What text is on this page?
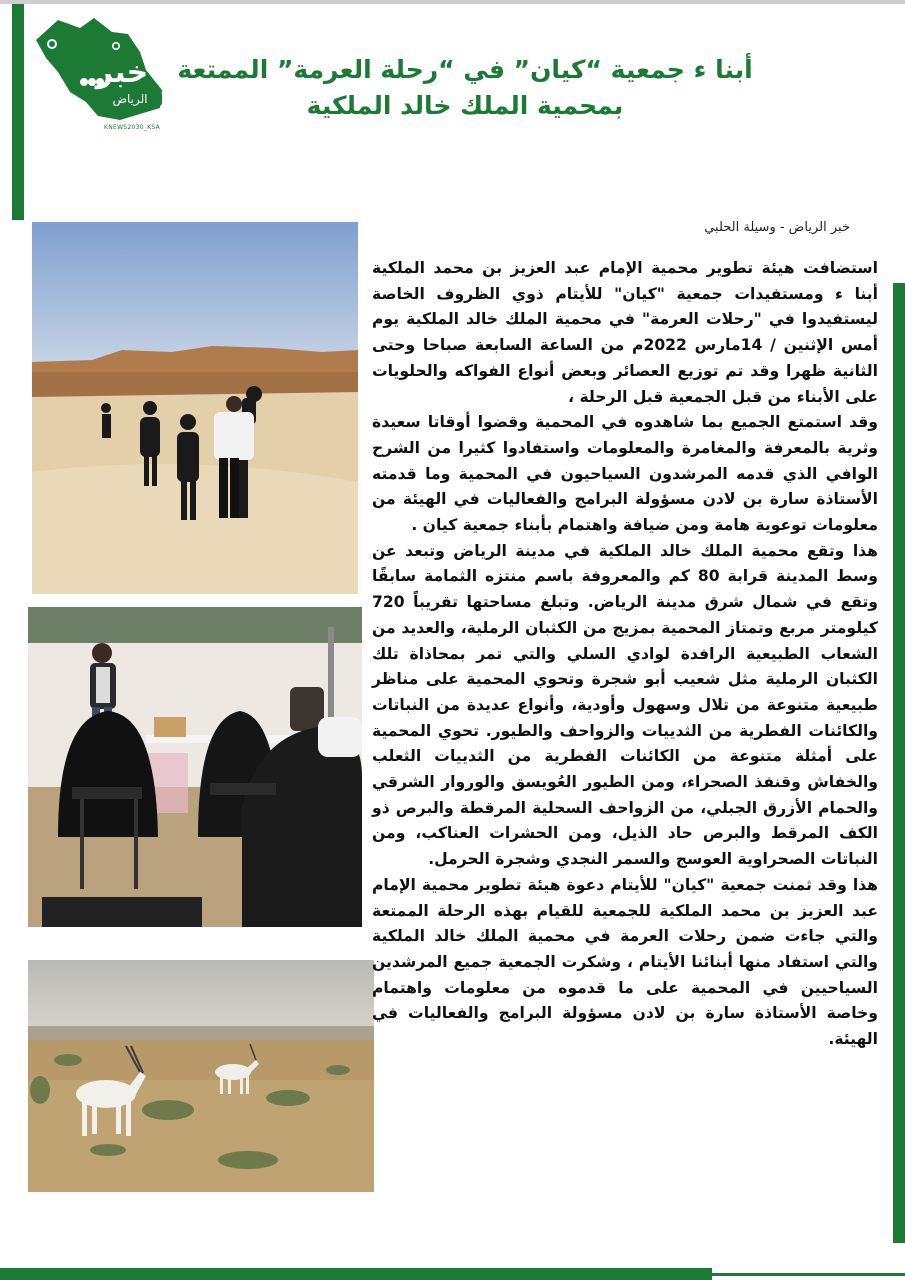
خبر
الرياض
KNEWS2030_KSA
أبنا ء جمعية “كيان” في “رحلة العرمة” الممتعة
بمحمية الملك خالد الملكية
خبر الرياض - وسيلة الحلبي

استضافت هيئة تطوير محمية الإمام عبد العزيز بن محمد الملكية أبنا ء ومستفيدات جمعية "كيان" للأيتام ذوي الظروف الخاصة ليستفيدوا في "رحلات العرمة" في محمية الملك خالد الملكية يوم أمس الإثنين / 14مارس 2022م من الساعة السابعة صباحا وحتى الثانية ظهرا وقد تم توزيع العصائر وبعض أنواع الفواكه والحلويات على الأبناء من قبل الجمعية قبل الرحلة ،

وقد استمتع الجميع بما شاهدوه في المحمية وقضوا أوقاتا سعيدة وثرية بالمعرفة والمغامرة والمعلومات واستفادوا كثيرا من الشرح الوافي الذي قدمه المرشدون السياحيون في المحمية وما قدمته الأستاذة سارة بن لادن مسؤولة البرامج والفعاليات في الهيئة من معلومات توعوية هامة ومن ضيافة واهتمام بأبناء جمعية كيان .

هذا وتقع محمية الملك خالد الملكية في مدينة الرياض وتبعد عن وسط المدينة قرابة 80 كم والمعروفة باسم منتزه الثمامة سابقًا وتقع في شمال شرق مدينة الرياض. وتبلغ مساحتها تقريباً 720 كيلومتر مربع وتمتاز المحمية بمزيج من الكثبان الرملية، والعديد من الشعاب الطبيعية الرافدة لوادي السلي والتي تمر بمحاذاة تلك الكثبان الرملية مثل شعيب أبو شجرة وتحوي المحمية على مناظر طبيعية متنوعة من تلال وسهول وأودية، وأنواع عديدة من النباتات والكائنات الفطرية من الثدييات والزواحف والطيور. تحوي المحمية على أمثلة متنوعة من الكائنات الفطرية من الثدييات الثعلب والخفاش وقنفذ الصحراء، ومن الطيور العُويسق والوروار الشرقي والحمام الأزرق الجبلي، من الزواحف السحلية المرقطة والبرص ذو الكف المرقط والبرص حاد الذيل، ومن الحشرات العناكب، ومن النباتات الصحراوية العوسج والسمر النجدي وشجرة الحرمل.

هذا وقد ثمنت جمعية "كيان" للأيتام دعوة هيئة تطوير محمية الإمام عبد العزيز بن محمد الملكية للجمعية للقيام بهذه الرحلة الممتعة والتي جاءت ضمن رحلات العرمة في محمية الملك خالد الملكية والتي استفاد منها أبنائنا الأيتام ، وشكرت الجمعية جميع المرشدين السياحيين في المحمية على ما قدموه من معلومات واهتمام وخاصة الأستاذة سارة بن لادن مسؤولة البرامج والفعاليات في الهيئة.
